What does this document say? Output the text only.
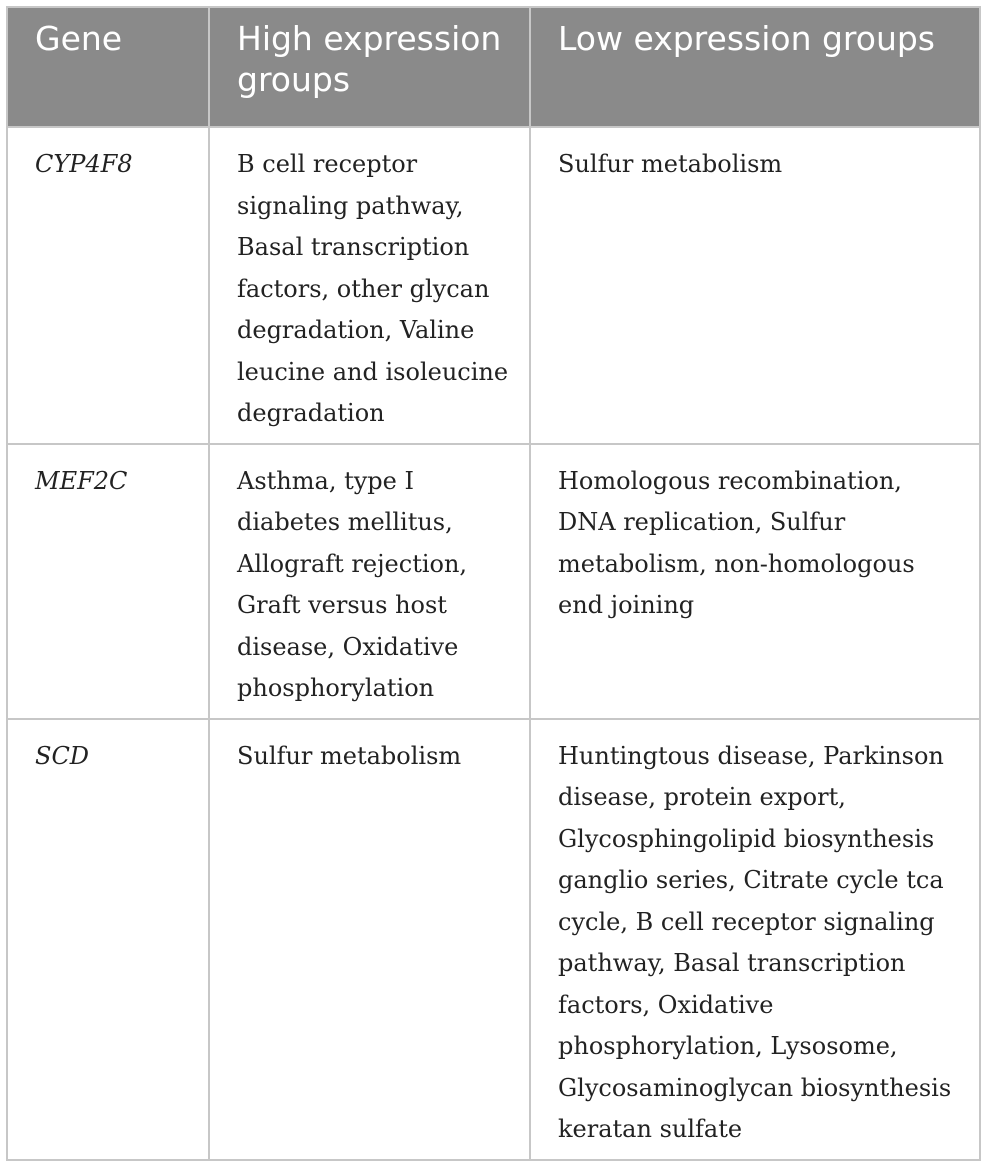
Gene	High expression groups	Low expression groups
CYP4F8	B cell receptor signaling pathway, Basal transcription factors, other glycan degradation, Valine leucine and isoleucine degradation	Sulfur metabolism
MEF2C	Asthma, type I diabetes mellitus, Allograft rejection, Graft versus host disease, Oxidative phosphorylation	Homologous recombination, DNA replication, Sulfur metabolism, non-homologous end joining
SCD	Sulfur metabolism	Huntingtous disease, Parkinson disease, protein export, Glycosphingolipid biosynthesis ganglio series, Citrate cycle tca cycle, B cell receptor signaling pathway, Basal transcription factors, Oxidative phosphorylation, Lysosome, Glycosaminoglycan biosynthesis keratan sulfate
